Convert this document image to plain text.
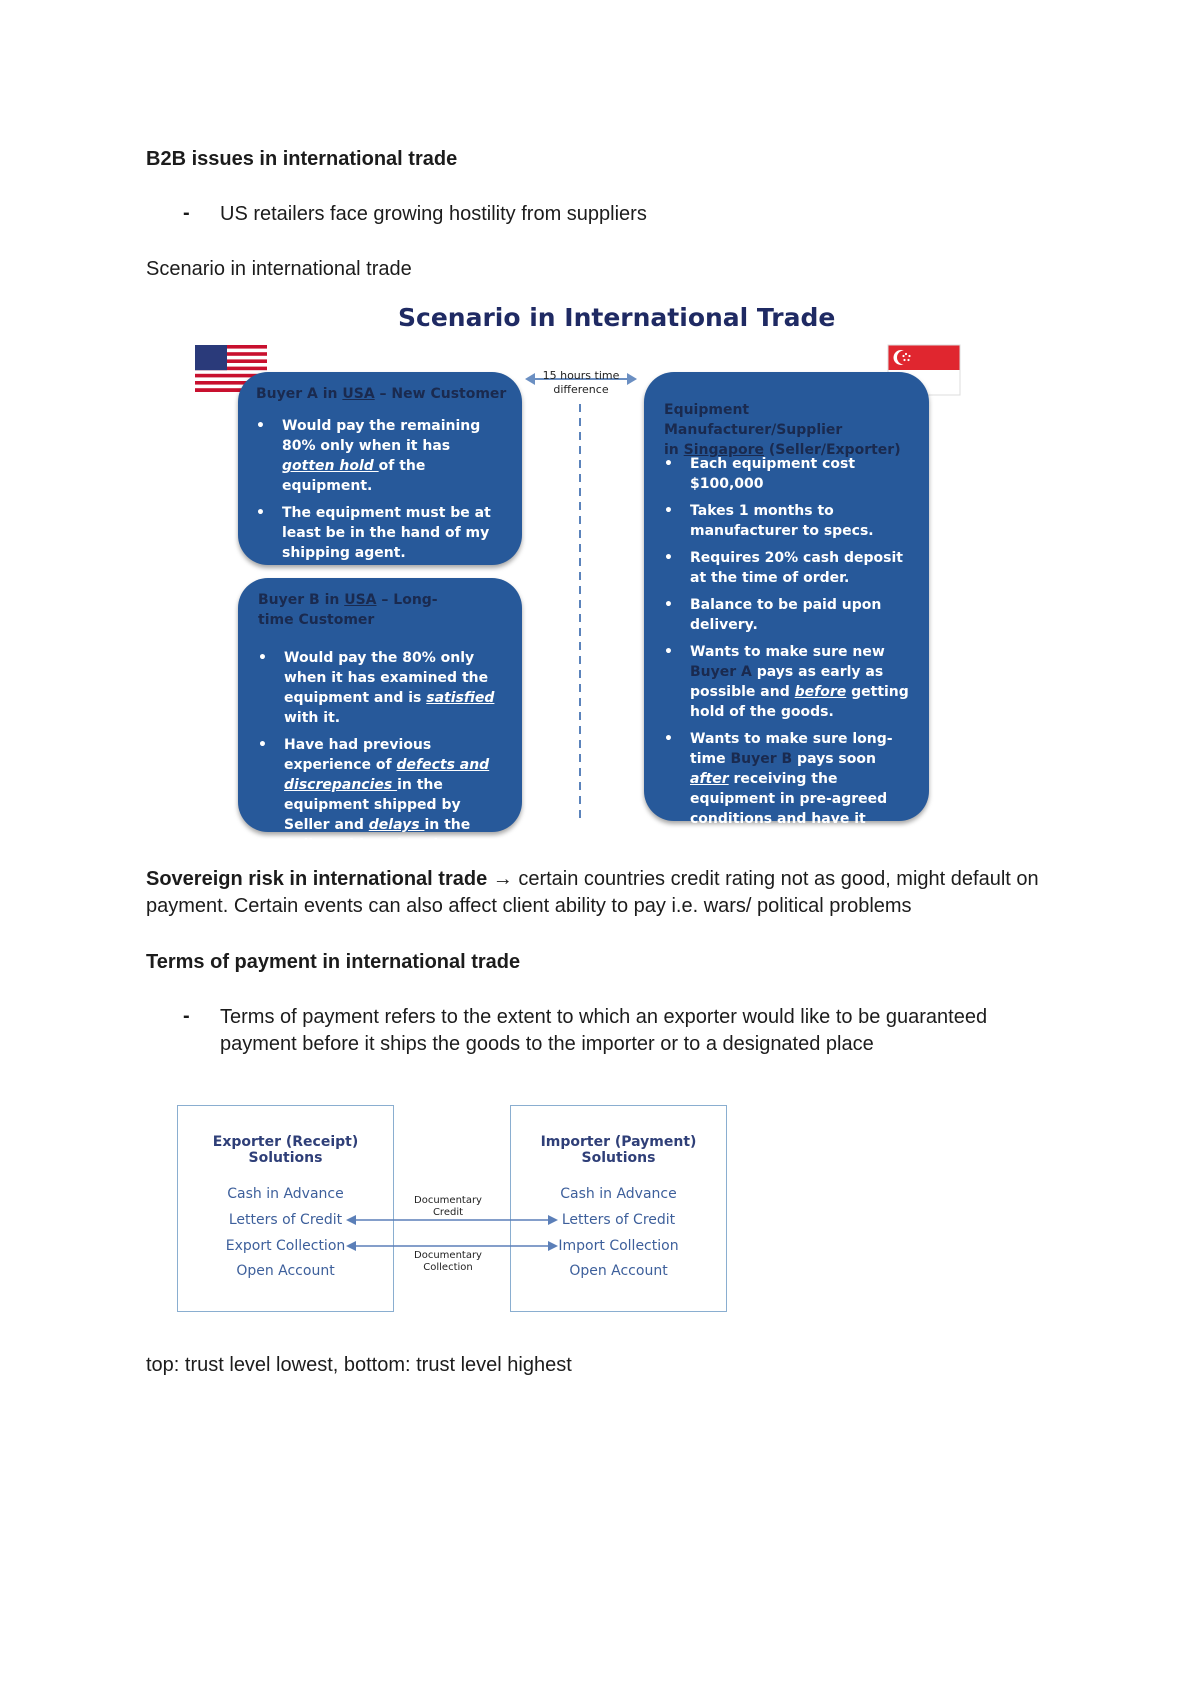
B2B issues in international trade

- US retailers face growing hostility from suppliers

Scenario in international trade

Scenario in International Trade
15 hours time
difference
Buyer A in USA – New Customer
• Would pay the remaining 80% only when it has gotten hold of the equipment.
• The equipment must be at least be in the hand of my shipping agent.
Buyer B in USA – Long-time Customer
• Would pay the 80% only when it has examined the equipment and is satisfied with it.
• Have had previous experience of defects and discrepancies in the equipment shipped by Seller and delays in the Seller addressing them.
Equipment Manufacturer/Supplier
in Singapore (Seller/Exporter)
• Each equipment cost $100,000
• Takes 1 months to manufacturer to specs.
• Requires 20% cash deposit at the time of order.
• Balance to be paid upon delivery.
• Wants to make sure new Buyer A pays as early as possible and before getting hold of the goods.
• Wants to make sure long-time Buyer B pays soon after receiving the equipment in pre-agreed conditions and have it commissioned.

Sovereign risk in international trade → certain countries credit rating not as good, might default on payment. Certain events can also affect client ability to pay i.e. wars/ political problems

Terms of payment in international trade

- Terms of payment refers to the extent to which an exporter would like to be guaranteed payment before it ships the goods to the importer or to a designated place

Exporter (Receipt) Solutions
Cash in Advance
Letters of Credit
Export Collection
Open Account
Importer (Payment) Solutions
Cash in Advance
Letters of Credit
Import Collection
Open Account
Documentary
Credit
Documentary
Collection

top: trust level lowest, bottom: trust level highest
